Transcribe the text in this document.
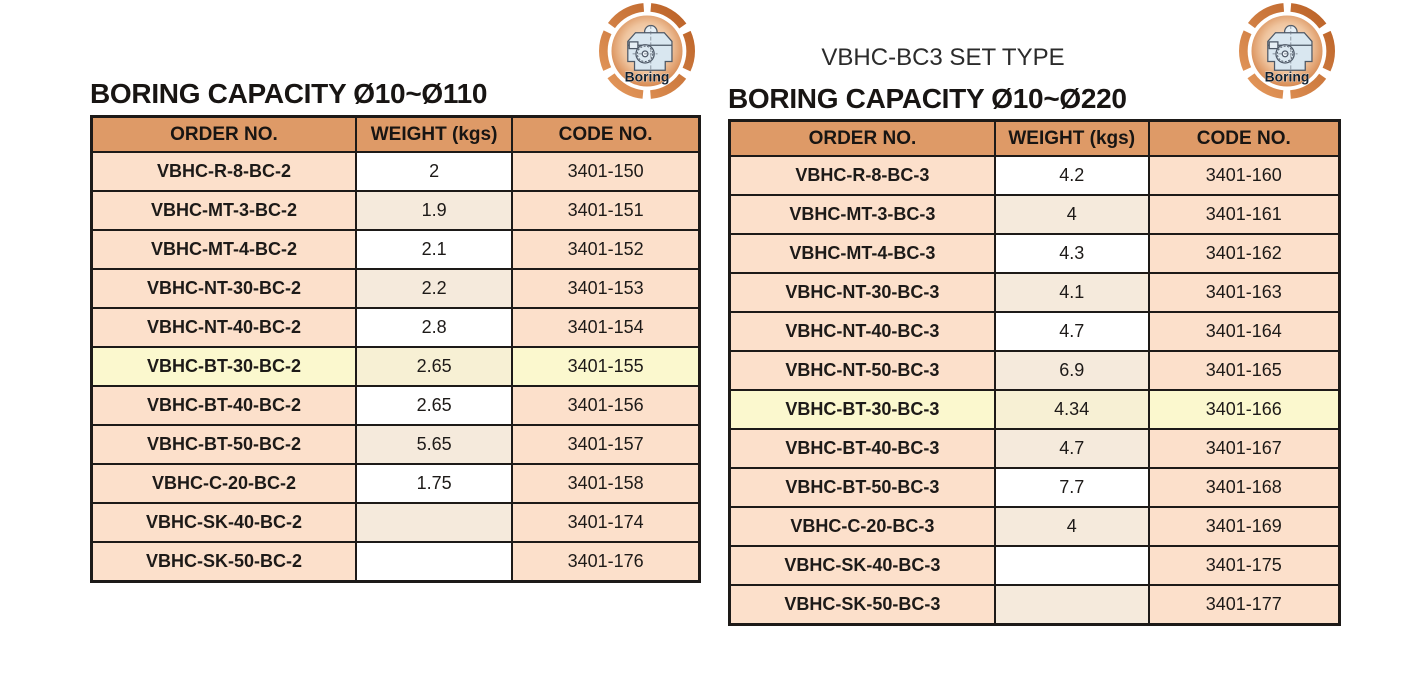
BORING CAPACITY Ø10~Ø110
Boring
ORDER NO.	WEIGHT (kgs)	CODE NO.
VBHC-R-8-BC-2	2	3401-150
VBHC-MT-3-BC-2	1.9	3401-151
VBHC-MT-4-BC-2	2.1	3401-152
VBHC-NT-30-BC-2	2.2	3401-153
VBHC-NT-40-BC-2	2.8	3401-154
VBHC-BT-30-BC-2	2.65	3401-155
VBHC-BT-40-BC-2	2.65	3401-156
VBHC-BT-50-BC-2	5.65	3401-157
VBHC-C-20-BC-2	1.75	3401-158
VBHC-SK-40-BC-2		3401-174
VBHC-SK-50-BC-2		3401-176
VBHC-BC3 SET TYPE
BORING CAPACITY Ø10~Ø220
Boring
ORDER NO.	WEIGHT (kgs)	CODE NO.
VBHC-R-8-BC-3	4.2	3401-160
VBHC-MT-3-BC-3	4	3401-161
VBHC-MT-4-BC-3	4.3	3401-162
VBHC-NT-30-BC-3	4.1	3401-163
VBHC-NT-40-BC-3	4.7	3401-164
VBHC-NT-50-BC-3	6.9	3401-165
VBHC-BT-30-BC-3	4.34	3401-166
VBHC-BT-40-BC-3	4.7	3401-167
VBHC-BT-50-BC-3	7.7	3401-168
VBHC-C-20-BC-3	4	3401-169
VBHC-SK-40-BC-3		3401-175
VBHC-SK-50-BC-3		3401-177
